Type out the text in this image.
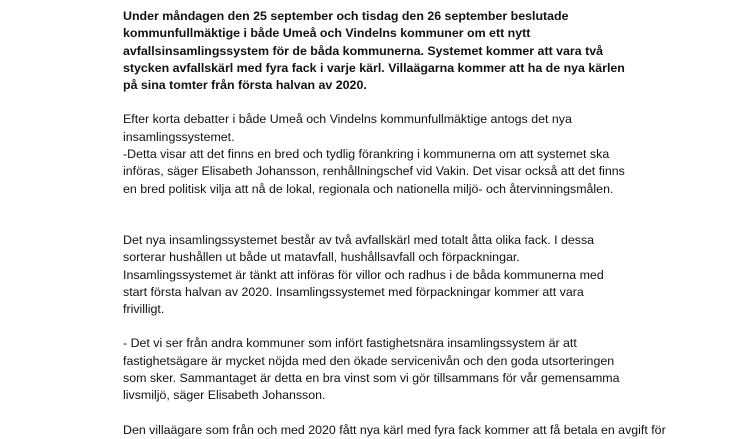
Under måndagen den 25 september och tisdag den 26 september beslutade
kommunfullmäktige i både Umeå och Vindelns kommuner om ett nytt
avfallsinsamlingssystem för de båda kommunerna. Systemet kommer att vara två
stycken avfallskärl med fyra fack i varje kärl. Villaägarna kommer att ha de nya kärlen
på sina tomter från första halvan av 2020.

Efter korta debatter i både Umeå och Vindelns kommunfullmäktige antogs det nya
insamlingssystemet.
-Detta visar att det finns en bred och tydlig förankring i kommunerna om att systemet ska
införas, säger Elisabeth Johansson, renhållningschef vid Vakin. Det visar också att det finns
en bred politisk vilja att nå de lokal, regionala och nationella miljö- och återvinningsmålen.

Det nya insamlingssystemet består av två avfallskärl med totalt åtta olika fack. I dessa
sorterar hushållen ut både ut matavfall, hushållsavfall och förpackningar.
Insamlingssystemet är tänkt att införas för villor och radhus i de båda kommunerna med
start första halvan av 2020. Insamlingssystemet med förpackningar kommer att vara
frivilligt.

- Det vi ser från andra kommuner som infört fastighetsnära insamlingssystem är att
fastighetsägare är mycket nöjda med den ökade servicenivån och den goda utsorteringen
som sker. Sammantaget är detta en bra vinst som vi gör tillsammans för vår gemensamma
livsmiljö, säger Elisabeth Johansson.

Den villaägare som från och med 2020 fått nya kärl med fyra fack kommer att få betala en avgift för
